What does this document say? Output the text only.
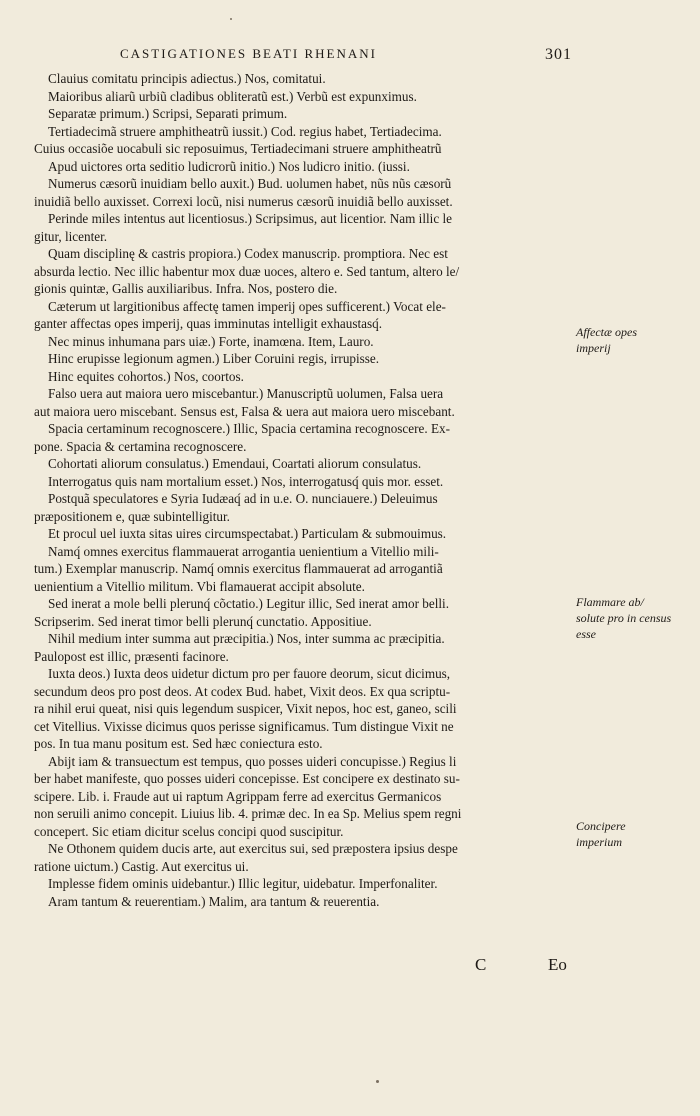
CASTIGATIONES BEATI RHENANI	301
Clauius comitatu principis adiectus.) Nos, comitatui.
Maioribus aliarũ urbiũ cladibus obliteratũ est.) Verbũ est expunximus.
Separatæ primum.) Scripsi, Separati primum.
Tertiadecimã struere amphitheatrũ iussit.) Cod. regius habet, Tertiadecima.
Cuius occasiõe uocabuli sic reposuimus, Tertiadecimani struere amphitheatrũ
Apud uictores orta seditio ludicrorũ initio.) Nos ludicro initio. (iussi.
Numerus cæsorũ inuidiam bello auxit.) Bud. uolumen habet, nũs nũs cæsorũ
inuidiã bello auxisset. Correxi locũ, nisi numerus cæsorũ inuidiã bello auxisset.
Perinde miles intentus aut licentiosus.) Scripsimus, aut licentior. Nam illic le
gitur, licenter.
Quam disciplinę & castris propiora.) Codex manuscrip. promptiora. Nec est
absurda lectio. Nec illic habentur mox duæ uoces, altero e. Sed tantum, altero le/
gionis quintæ, Gallis auxiliaribus. Infra. Nos, postero die.
Cæterum ut largitionibus affectę tamen imperij opes sufficerent.) Vocat ele-
ganter affectas opes imperij, quas imminutas intelligit exhaustasq́.
Nec minus inhumana pars uiæ.) Forte, inamœna. Item, Lauro.
Hinc erupisse legionum agmen.) Liber Coruini regis, irrupisse.
Hinc equites cohortos.) Nos, coortos.
Falso uera aut maiora uero miscebantur.) Manuscriptũ uolumen, Falsa uera
aut maiora uero miscebant. Sensus est, Falsa & uera aut maiora uero miscebant.
Spacia certaminum recognoscere.) Illic, Spacia certamina recognoscere. Ex-
pone. Spacia & certamina recognoscere.
Cohortati aliorum consulatus.) Emendaui, Coartati aliorum consulatus.
Interrogatus quis nam mortalium esset.) Nos, interrogatusq́ quis mor. esset.
Postquã speculatores e Syria Iudæaq́ ad in u.e. O. nunciauere.) Deleuimus
præpositionem e, quæ subintelligitur.
Et procul uel iuxta sitas uires circumspectabat.) Particulam & submouimus.
Namq́ omnes exercitus flammauerat arrogantia uenientium a Vitellio mili-
tum.) Exemplar manuscrip. Namq́ omnis exercitus flammauerat ad arrogantiã
uenientium a Vitellio militum. Vbi flamauerat accipit absolute.
Sed inerat a mole belli plerunq́ cõctatio.) Legitur illic, Sed inerat amor belli.
Scripserim. Sed inerat timor belli plerunq́ cunctatio. Appositiue.
Nihil medium inter summa aut præcipitia.) Nos, inter summa ac præcipitia.
Paulopost est illic, præsenti facinore.
Iuxta deos.) Iuxta deos uidetur dictum pro per fauore deorum, sicut dicimus,
secundum deos pro post deos. At codex Bud. habet, Vixit deos. Ex qua scriptu-
ra nihil erui queat, nisi quis legendum suspicer, Vixit nepos, hoc est, ganeo, scili
cet Vitellius. Vixisse dicimus quos perisse significamus. Tum distingue Vixit ne
pos. In tua manu positum est. Sed hæc coniectura esto.
Abijt iam & transuectum est tempus, quo posses uideri concupisse.) Regius li
ber habet manifeste, quo posses uideri concepisse. Est concipere ex destinato su-
scipere. Lib. i. Fraude aut ui raptum Agrippam ferre ad exercitus Germanicos
non seruili animo concepit. Liuius lib. 4. primæ dec. In ea Sp. Melius spem regni
concepert. Sic etiam dicitur scelus concipi quod suscipitur.
Ne Othonem quidem ducis arte, aut exercitus sui, sed præpostera ipsius despe
ratione uictum.) Castig. Aut exercitus ui.
Implesse fidem ominis uidebantur.) Illic legitur, uidebatur. Imperfonaliter.
Aram tantum & reuerentiam.) Malim, ara tantum & reuerentia.
Affectæ opes imperij
Flammare ab/ solute pro in census esse
Concipere imperium
C	Eo
